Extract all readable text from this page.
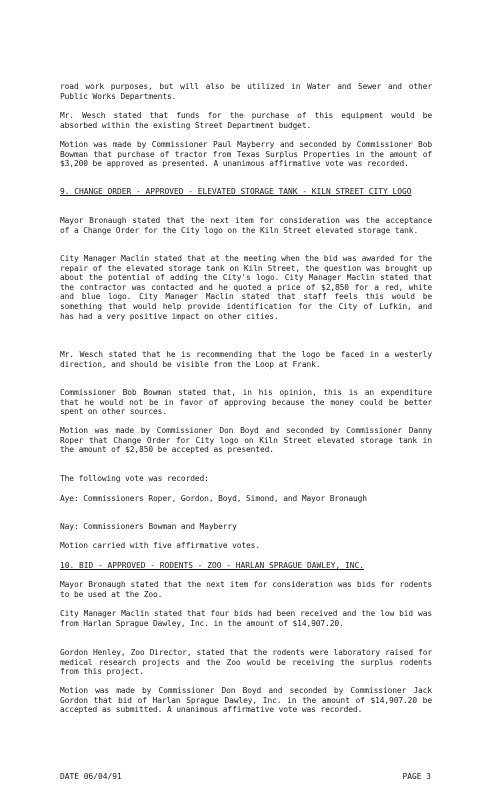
road work purposes, but will also be utilized in Water and Sewer and other Public Works Departments.
Mr. Wesch stated that funds for the purchase of this equipment would be absorbed within the existing Street Department budget.
Motion was made by Commissioner Paul Mayberry and seconded by Commissioner Bob Bowman that purchase of tractor from Texas Surplus Properties in the amount of $3,200 be approved as presented. A unanimous affirmative vote was recorded.
9. CHANGE ORDER - APPROVED - ELEVATED STORAGE TANK - KILN STREET CITY LOGO
Mayor Bronaugh stated that the next item for consideration was the acceptance of a Change Order for the City logo on the Kiln Street elevated storage tank.
City Manager Maclin stated that at the meeting when the bid was awarded for the repair of the elevated storage tank on Kiln Street, the question was brought up about the potential of adding the City's logo. City Manager Maclin stated that the contractor was contacted and he quoted a price of $2,850 for a red, white and blue logo. City Manager Maclin stated that staff feels this would be something that would help provide identification for the City of Lufkin, and has had a very positive impact on other cities.
Mr. Wesch stated that he is recommending that the logo be faced in a westerly direction, and should be visible from the Loop at Frank.
Commissioner Bob Bowman stated that, in his opinion, this is an expenditure that he would not be in favor of approving because the money could be better spent on other sources.
Motion was made by Commissioner Don Boyd and seconded by Commissioner Danny Roper that Change Order for City logo on Kiln Street elevated storage tank in the amount of $2,850 be accepted as presented.
The following vote was recorded:
Aye: Commissioners Roper, Gordon, Boyd, Simond, and Mayor Bronaugh
Nay: Commissioners Bowman and Mayberry
Motion carried with five affirmative votes.
10. BID - APPROVED - RODENTS - ZOO - HARLAN SPRAGUE DAWLEY, INC.
Mayor Bronaugh stated that the next item for consideration was bids for rodents to be used at the Zoo.
City Manager Maclin stated that four bids had been received and the low bid was from Harlan Sprague Dawley, Inc. in the amount of $14,907.20.
Gordon Henley, Zoo Director, stated that the rodents were laboratory raised for medical research projects and the Zoo would be receiving the surplus rodents from this project.
Motion was made by Commissioner Don Boyd and seconded by Commissioner Jack Gordon that bid of Harlan Sprague Dawley, Inc. in the amount of $14,907.20 be accepted as submitted. A unanimous affirmative vote was recorded.
DATE 06/04/91	PAGE 3
